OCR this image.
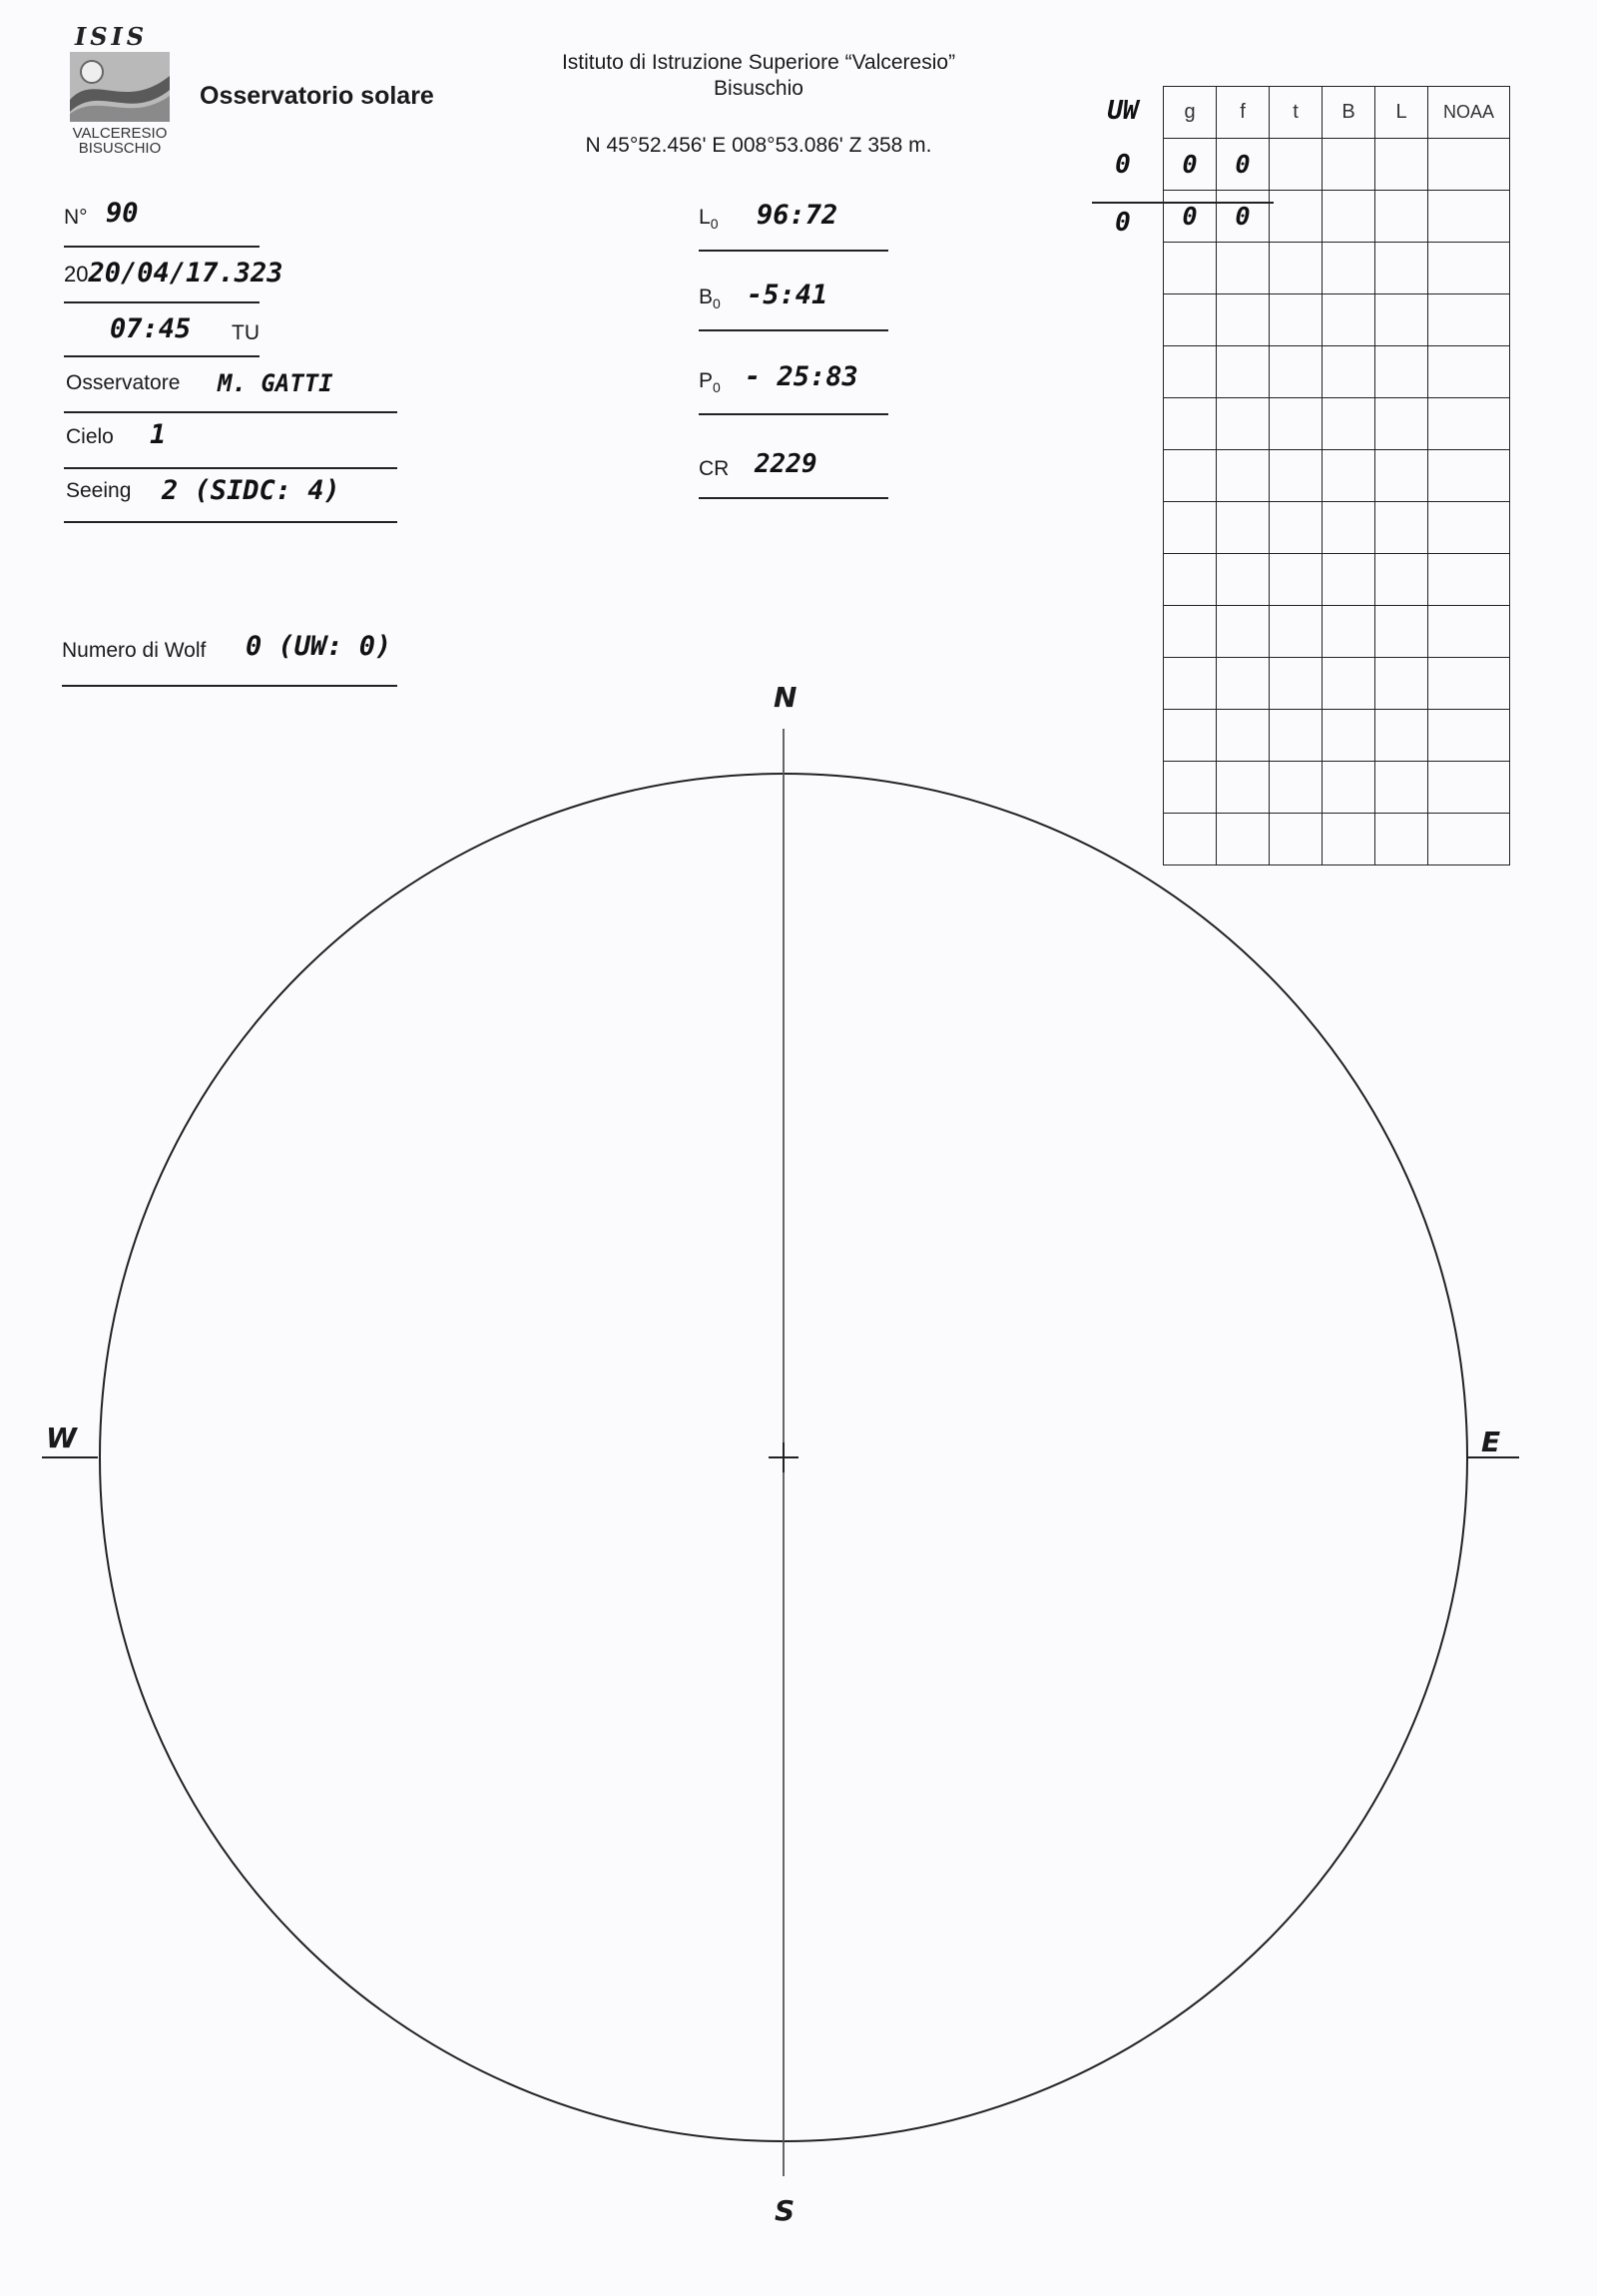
ISIS
VALCERESIO
BISUSCHIO
Osservatorio solare
Istituto di Istruzione Superiore “Valceresio”
Bisuschio
N 45°52.456' E 008°53.086' Z 358 m.
N° 90
2020/04/17.323
07:45 TU
Osservatore M. GATTI
Cielo 1
Seeing 2 (SIDC: 4)
Numero di Wolf 0 (UW: 0)
$L_0$ 96:72
$B_0$ -5:41
$P_0$ - 25:83
CR 2229
UW
0
0
g	f	t	B	L	NOAA
0	0				
0	0				

N
S
W	E
